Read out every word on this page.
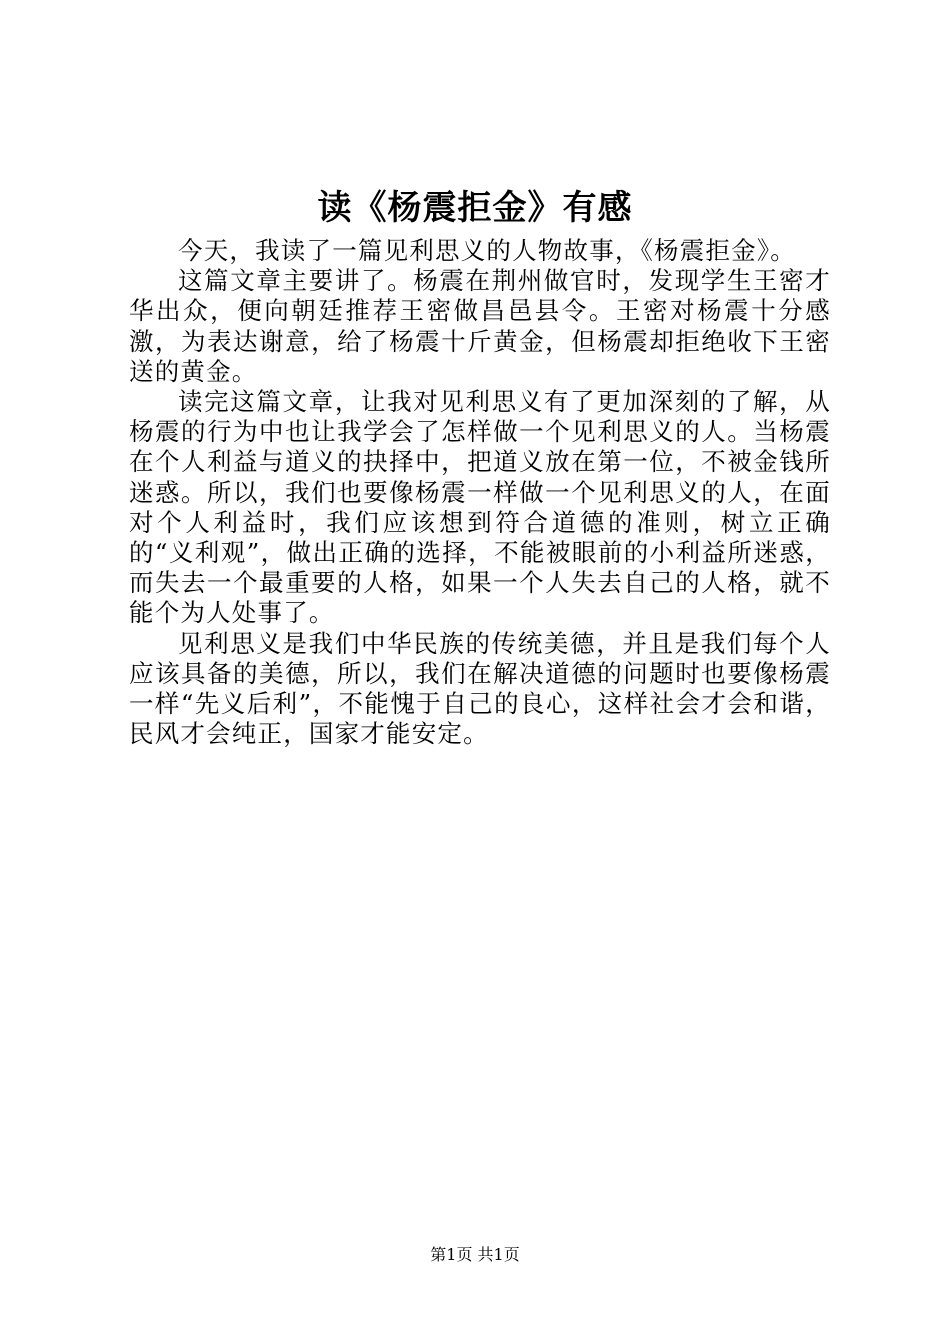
读《杨震拒金》有感

今天，我读了一篇见利思义的人物故事，《杨震拒金》。

这篇文章主要讲了。杨震在荆州做官时，发现学生王密才华出众，便向朝廷推荐王密做昌邑县令。王密对杨震十分感激，为表达谢意，给了杨震十斤黄金，但杨震却拒绝收下王密送的黄金。

读完这篇文章，让我对见利思义有了更加深刻的了解，从杨震的行为中也让我学会了怎样做一个见利思义的人。当杨震在个人利益与道义的抉择中，把道义放在第一位，不被金钱所迷惑。所以，我们也要像杨震一样做一个见利思义的人，在面对个人利益时，我们应该想到符合道德的准则，树立正确的“义利观”，做出正确的选择，不能被眼前的小利益所迷惑，而失去一个最重要的人格，如果一个人失去自己的人格，就不能个为人处事了。

见利思义是我们中华民族的传统美德，并且是我们每个人应该具备的美德，所以，我们在解决道德的问题时也要像杨震一样“先义后利”，不能愧于自己的良心，这样社会才会和谐，民风才会纯正，国家才能安定。

第1页 共1页
